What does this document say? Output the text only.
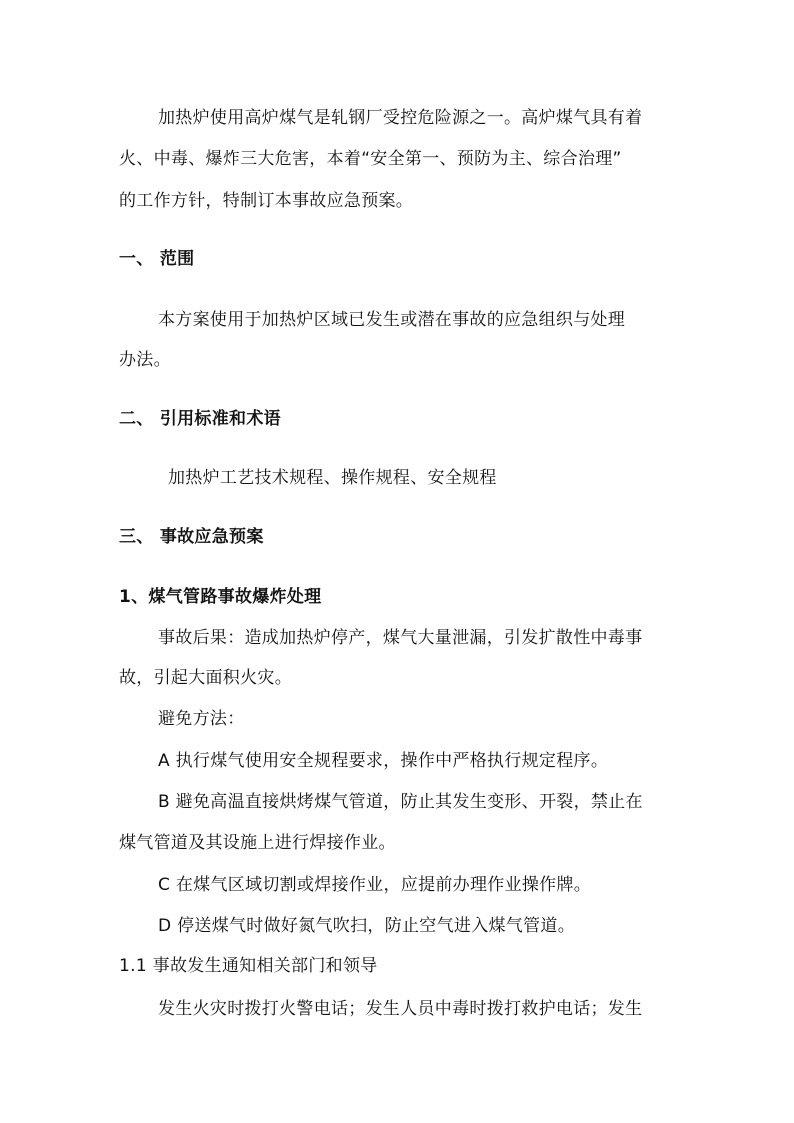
加热炉使用高炉煤气是轧钢厂受控危险源之一。高炉煤气具有着
火、中毒、爆炸三大危害，本着“安全第一、预防为主、综合治理”
的工作方针，特制订本事故应急预案。
一、 范围
本方案使用于加热炉区域已发生或潜在事故的应急组织与处理
办法。
二、 引用标准和术语
加热炉工艺技术规程、操作规程、安全规程
三、 事故应急预案
1、煤气管路事故爆炸处理
事故后果：造成加热炉停产，煤气大量泄漏，引发扩散性中毒事
故，引起大面积火灾。
避免方法：
A 执行煤气使用安全规程要求，操作中严格执行规定程序。
B 避免高温直接烘烤煤气管道，防止其发生变形、开裂，禁止在
煤气管道及其设施上进行焊接作业。
C 在煤气区域切割或焊接作业，应提前办理作业操作牌。
D 停送煤气时做好氮气吹扫，防止空气进入煤气管道。
1.1 事故发生通知相关部门和领导
发生火灾时拨打火警电话；发生人员中毒时拨打救护电话；发生
